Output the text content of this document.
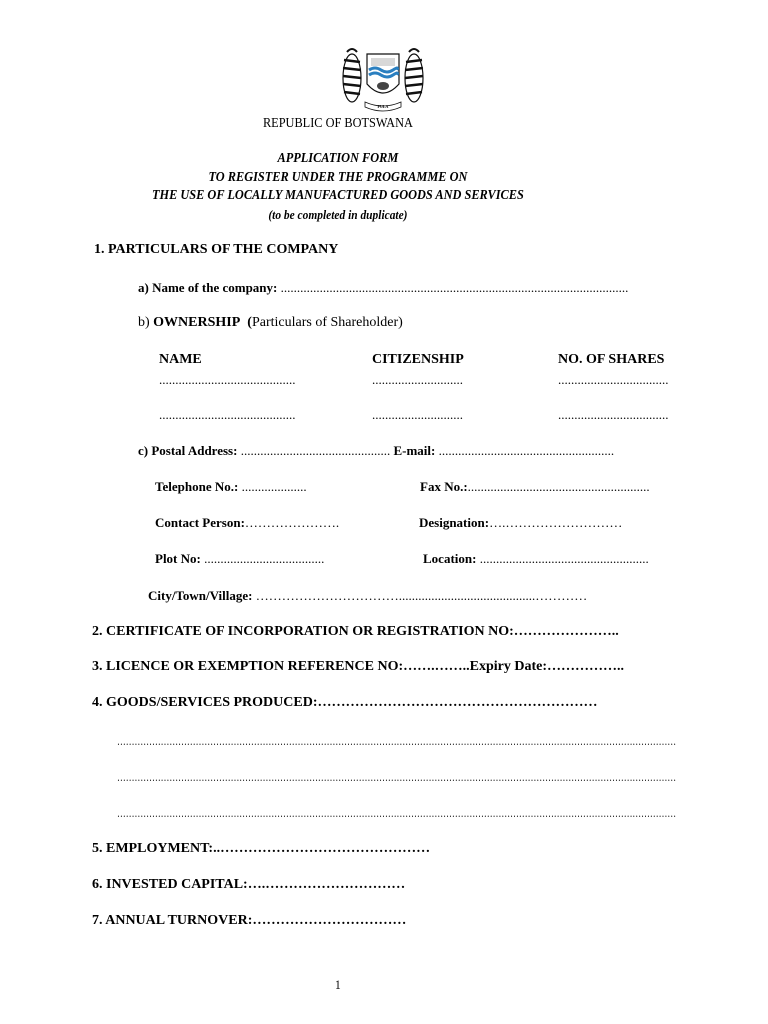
PULA
REPUBLIC OF BOTSWANA
APPLICATION FORM
TO REGISTER UNDER THE PROGRAMME ON
THE USE OF LOCALLY MANUFACTURED GOODS AND SERVICES
(to be completed in duplicate)
1. PARTICULARS OF THE COMPANY
a) Name of the company: ...........................................................................................................
b) OWNERSHIP (Particulars of Shareholder)
NAME	CITIZENSHIP	NO. OF SHARES
..........................................	............................	..................................
..........................................	............................	..................................
c) Postal Address: .............................................. E-mail: ......................................................
Telephone No.: ....................	Fax No.:........................................................
Contact Person:………………….	Designation:….………………………
Plot No: .....................................	Location: ....................................................
City/Town/Village: ……………………………..........................................…………
2. CERTIFICATE OF INCORPORATION OR REGISTRATION NO:…………………..
3. LICENCE OR EXEMPTION REFERENCE NO:…….……..Expiry Date:……………..
4. GOODS/SERVICES PRODUCED:……………………………………………………
…………………………………………………………………………………………………………………………………………………………………………
…………………………………………………………………………………………………………………………………………………………………………
…………………………………………………………………………………………………………………………………………………………………………
5. EMPLOYMENT:..………………………………………
6. INVESTED CAPITAL:….…………………………
7. ANNUAL TURNOVER:……………………………
1
